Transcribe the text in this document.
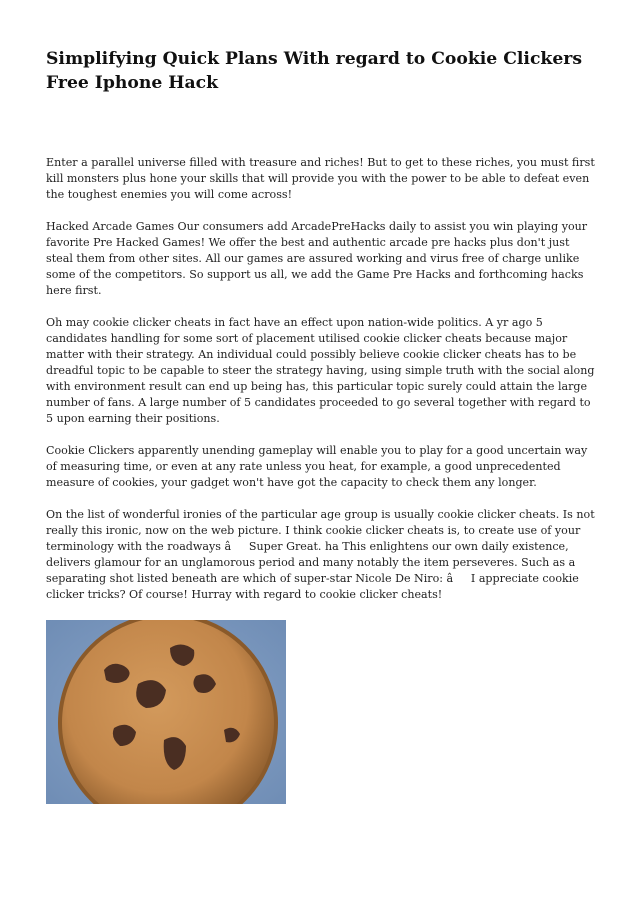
Simplifying Quick Plans With regard to Cookie Clickers Free Iphone Hack

Enter a parallel universe filled with treasure and riches! But to get to these riches, you must first kill monsters plus hone your skills that will provide you with the power to be able to defeat even the toughest enemies you will come across!

Hacked Arcade Games Our consumers add ArcadePreHacks daily to assist you win playing your favorite Pre Hacked Games! We offer the best and authentic arcade pre hacks plus don't just steal them from other sites. All our games are assured working and virus free of charge unlike some of the competitors. So support us all, we add the Game Pre Hacks and forthcoming hacks here first.

Oh may cookie clicker cheats in fact have an effect upon nation-wide politics. A yr ago 5 candidates handling for some sort of placement utilised cookie clicker cheats because major matter with their strategy. An individual could possibly believe cookie clicker cheats has to be dreadful topic to be capable to steer the strategy having, using simple truth with the social along with environment result can end up being has, this particular topic surely could attain the large number of fans. A large number of 5 candidates proceeded to go several together with regard to 5 upon earning their positions.

Cookie Clickers apparently unending gameplay will enable you to play for a good uncertain way of measuring time, or even at any rate unless you heat, for example, a good unprecedented measure of cookies, your gadget won't have got the capacity to check them any longer.

On the list of wonderful ironies of the particular age group is usually cookie clicker cheats. Is not really this ironic, now on the web picture. I think cookie clicker cheats is, to create use of your terminology with the roadways âSuper Great. ha This enlightens our own daily existence, delivers glamour for an unglamorous period and many notably the item perseveres. Such as a separating shot listed beneath are which of super-star Nicole De Niro: âI appreciate cookie clicker tricks? Of course! Hurray with regard to cookie clicker cheats!
